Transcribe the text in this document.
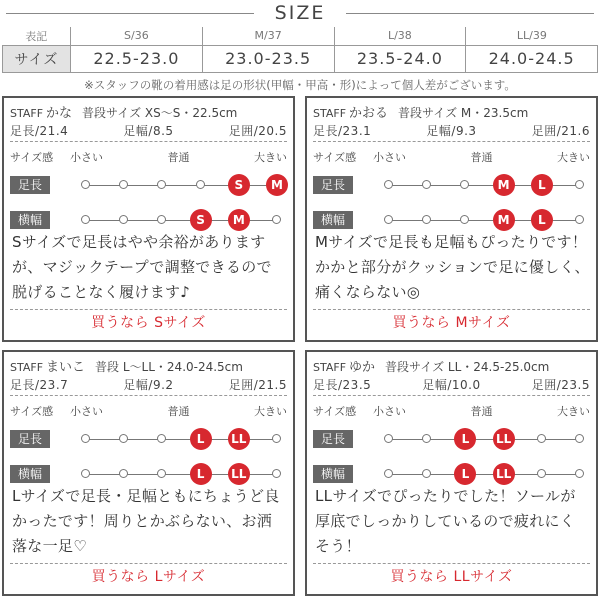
SIZE
表記	S/36	M/37	L/38	LL/39
サイズ	22.5-23.0	23.0-23.5	23.5-24.0	24.0-24.5
※スタッフの靴の着用感は足の形状(甲幅・甲高・形)によって個人差がございます。
STAFF かな 普段サイズ XS〜S・22.5cm
足長/21.4	足幅/8.5	足囲/20.5
サイズ感 小さい	普通	大きい
足長	S	M
横幅	S	M
Sサイズで足長はやや余裕がありますが、マジックテープで調整できるので脱げることなく履けます♪
買うなら Sサイズ
STAFF かおる 普段サイズ M・23.5cm
足長/23.1	足幅/9.3	足囲/21.6
サイズ感 小さい	普通	大きい
足長	M	L
横幅	M	L
Mサイズで足長も足幅もぴったりです！かかと部分がクッションで足に優しく、痛くならない◎
買うなら Mサイズ
STAFF まいこ 普段 L〜LL・24.0-24.5cm
足長/23.7	足幅/9.2	足囲/21.5
サイズ感 小さい	普通	大きい
足長	L	LL
横幅	L	LL
Lサイズで足長・足幅ともにちょうど良かったです！周りとかぶらない、お洒落な一足♡
買うなら Lサイズ
STAFF ゆか 普段サイズ LL・24.5-25.0cm
足長/23.5	足幅/10.0	足囲/23.5
サイズ感 小さい	普通	大きい
足長	L	LL
横幅	L	LL
LLサイズでぴったりでした！ソールが厚底でしっかりしているので疲れにくそう！
買うなら LLサイズ
